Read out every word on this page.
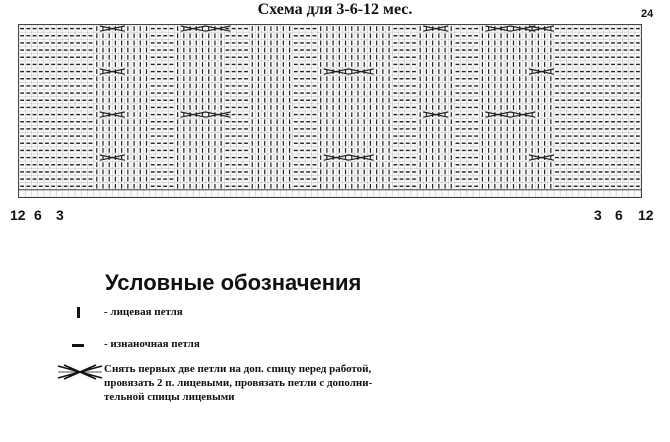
Схема для 3-6-12 мес.	24
12 6 3	3 6 12
Условные обозначения
- лицевая петля
- изнаночная петля
Снять первых две петли на доп. спицу перед работой,
провязать 2 п. лицевыми, провязать петли с дополни-
тельной спицы лицевыми
